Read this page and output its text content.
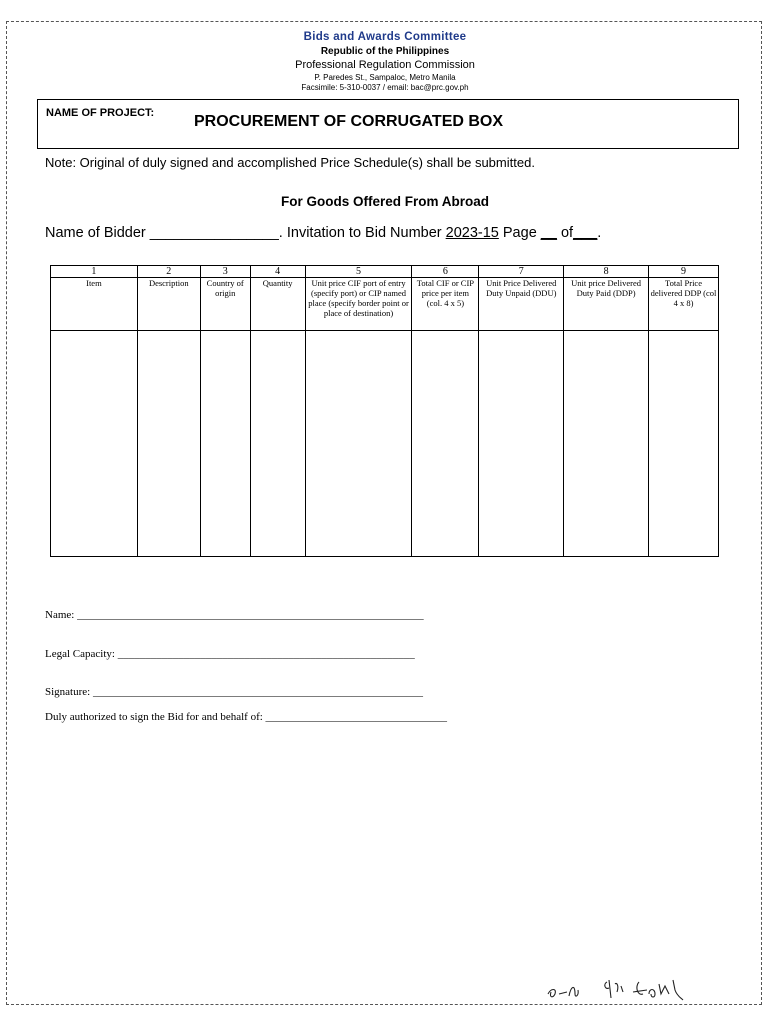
Bids and Awards Committee
Republic of the Philippines
Professional Regulation Commission
P. Paredes St., Sampaloc, Metro Manila
Facsimile: 5-310-0037 / email: bac@prc.gov.ph
NAME OF PROJECT: PROCUREMENT OF CORRUGATED BOX
Note: Original of duly signed and accomplished Price Schedule(s) shall be submitted.
For Goods Offered From Abroad
Name of Bidder ________________. Invitation to Bid Number 2023-15 Page __ of___.
1	2	3	4	5	6	7	8	9
Item	Description	Country of origin	Quantity	Unit price CIF port of entry (specify port) or CIP named place (specify border point or place of destination)	Total CIF or CIP price per item (col. 4 x 5)	Unit Price Delivered Duty Unpaid (DDU)	Unit price Delivered Duty Paid (DDP)	Total Price delivered DDP (col 4 x 8)

Name: _______________________________________________________________
Legal Capacity: ______________________________________________________
Signature: ____________________________________________________________
Duly authorized to sign the Bid for and behalf of: _________________________________
